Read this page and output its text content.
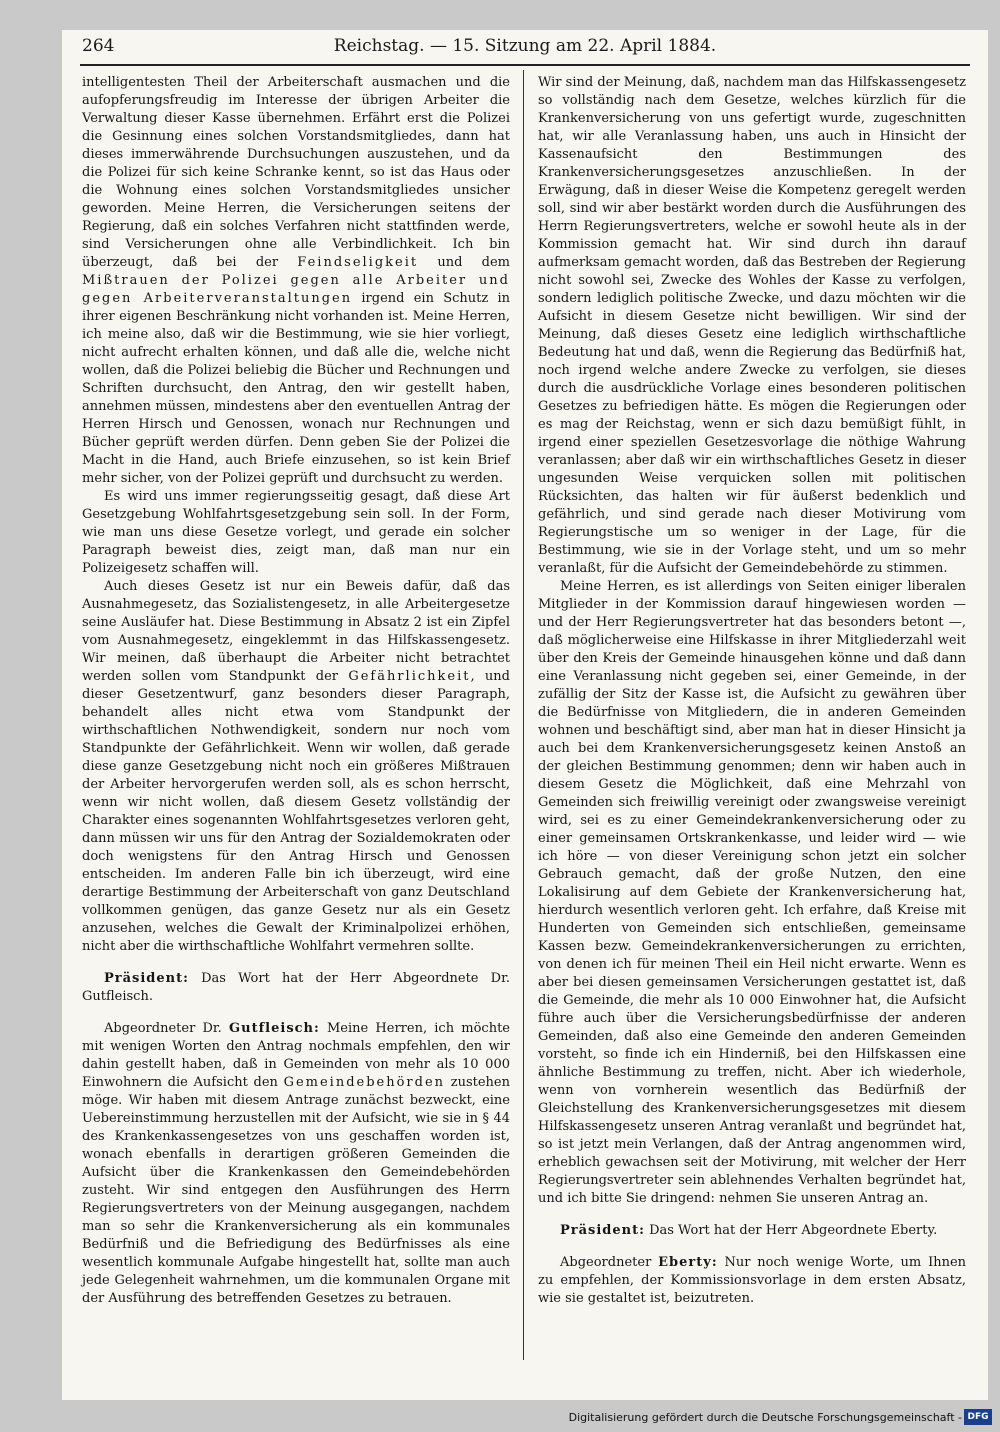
264	Reichstag. — 15. Sitzung am 22. April 1884.

intelligentesten Theil der Arbeiterschaft ausmachen und die aufopferungsfreudig im Interesse der übrigen Arbeiter die Verwaltung dieser Kasse übernehmen. Erfährt erst die Polizei die Gesinnung eines solchen Vorstandsmitgliedes, dann hat dieses immerwährende Durchsuchungen auszustehen, und da die Polizei für sich keine Schranke kennt, so ist das Haus oder die Wohnung eines solchen Vorstandsmitgliedes unsicher geworden. Meine Herren, die Versicherungen seitens der Regierung, daß ein solches Verfahren nicht stattfinden werde, sind Versicherungen ohne alle Verbindlichkeit. Ich bin überzeugt, daß bei der Feindseligkeit und dem Mißtrauen der Polizei gegen alle Arbeiter und gegen Arbeiterveranstaltungen irgend ein Schutz in ihrer eigenen Beschränkung nicht vorhanden ist. Meine Herren, ich meine also, daß wir die Bestimmung, wie sie hier vorliegt, nicht aufrecht erhalten können, und daß alle die, welche nicht wollen, daß die Polizei beliebig die Bücher und Rechnungen und Schriften durchsucht, den Antrag, den wir gestellt haben, annehmen müssen, mindestens aber den eventuellen Antrag der Herren Hirsch und Genossen, wonach nur Rechnungen und Bücher geprüft werden dürfen. Denn geben Sie der Polizei die Macht in die Hand, auch Briefe einzusehen, so ist kein Brief mehr sicher, von der Polizei geprüft und durchsucht zu werden.

Es wird uns immer regierungsseitig gesagt, daß diese Art Gesetzgebung Wohlfahrtsgesetzgebung sein soll. In der Form, wie man uns diese Gesetze vorlegt, und gerade ein solcher Paragraph beweist dies, zeigt man, daß man nur ein Polizeigesetz schaffen will.

Auch dieses Gesetz ist nur ein Beweis dafür, daß das Ausnahmegesetz, das Sozialistengesetz, in alle Arbeitergesetze seine Ausläufer hat. Diese Bestimmung in Absatz 2 ist ein Zipfel vom Ausnahmegesetz, eingeklemmt in das Hilfskassengesetz. Wir meinen, daß überhaupt die Arbeiter nicht betrachtet werden sollen vom Standpunkt der Gefährlichkeit, und dieser Gesetzentwurf, ganz besonders dieser Paragraph, behandelt alles nicht etwa vom Standpunkt der wirthschaftlichen Nothwendigkeit, sondern nur noch vom Standpunkte der Gefährlichkeit. Wenn wir wollen, daß gerade diese ganze Gesetzgebung nicht noch ein größeres Mißtrauen der Arbeiter hervorgerufen werden soll, als es schon herrscht, wenn wir nicht wollen, daß diesem Gesetz vollständig der Charakter eines sogenannten Wohlfahrtsgesetzes verloren geht, dann müssen wir uns für den Antrag der Sozialdemokraten oder doch wenigstens für den Antrag Hirsch und Genossen entscheiden. Im anderen Falle bin ich überzeugt, wird eine derartige Bestimmung der Arbeiterschaft von ganz Deutschland vollkommen genügen, das ganze Gesetz nur als ein Gesetz anzusehen, welches die Gewalt der Kriminalpolizei erhöhen, nicht aber die wirthschaftliche Wohlfahrt vermehren sollte.

Präsident: Das Wort hat der Herr Abgeordnete Dr. Gutfleisch.

Abgeordneter Dr. Gutfleisch: Meine Herren, ich möchte mit wenigen Worten den Antrag nochmals empfehlen, den wir dahin gestellt haben, daß in Gemeinden von mehr als 10 000 Einwohnern die Aufsicht den Gemeindebehörden zustehen möge. Wir haben mit diesem Antrage zunächst bezweckt, eine Uebereinstimmung herzustellen mit der Aufsicht, wie sie in § 44 des Krankenkassengesetzes von uns geschaffen worden ist, wonach ebenfalls in derartigen größeren Gemeinden die Aufsicht über die Krankenkassen den Gemeindebehörden zusteht. Wir sind entgegen den Ausführungen des Herrn Regierungsvertreters von der Meinung ausgegangen, nachdem man so sehr die Krankenversicherung als ein kommunales Bedürfniß und die Befriedigung des Bedürfnisses als eine wesentlich kommunale Aufgabe hingestellt hat, sollte man auch jede Gelegenheit wahrnehmen, um die kommunalen Organe mit der Ausführung des betreffenden Gesetzes zu betrauen.

Wir sind der Meinung, daß, nachdem man das Hilfskassengesetz so vollständig nach dem Gesetze, welches kürzlich für die Krankenversicherung von uns gefertigt wurde, zugeschnitten hat, wir alle Veranlassung haben, uns auch in Hinsicht der Kassenaufsicht den Bestimmungen des Krankenversicherungsgesetzes anzuschließen. In der Erwägung, daß in dieser Weise die Kompetenz geregelt werden soll, sind wir aber bestärkt worden durch die Ausführungen des Herrn Regierungsvertreters, welche er sowohl heute als in der Kommission gemacht hat. Wir sind durch ihn darauf aufmerksam gemacht worden, daß das Bestreben der Regierung nicht sowohl sei, Zwecke des Wohles der Kasse zu verfolgen, sondern lediglich politische Zwecke, und dazu möchten wir die Aufsicht in diesem Gesetze nicht bewilligen. Wir sind der Meinung, daß dieses Gesetz eine lediglich wirthschaftliche Bedeutung hat und daß, wenn die Regierung das Bedürfniß hat, noch irgend welche andere Zwecke zu verfolgen, sie dieses durch die ausdrückliche Vorlage eines besonderen politischen Gesetzes zu befriedigen hätte. Es mögen die Regierungen oder es mag der Reichstag, wenn er sich dazu bemüßigt fühlt, in irgend einer speziellen Gesetzesvorlage die nöthige Wahrung veranlassen; aber daß wir ein wirthschaftliches Gesetz in dieser ungesunden Weise verquicken sollen mit politischen Rücksichten, das halten wir für äußerst bedenklich und gefährlich, und sind gerade nach dieser Motivirung vom Regierungstische um so weniger in der Lage, für die Bestimmung, wie sie in der Vorlage steht, und um so mehr veranlaßt, für die Aufsicht der Gemeindebehörde zu stimmen.

Meine Herren, es ist allerdings von Seiten einiger liberalen Mitglieder in der Kommission darauf hingewiesen worden — und der Herr Regierungsvertreter hat das besonders betont —, daß möglicherweise eine Hilfskasse in ihrer Mitgliederzahl weit über den Kreis der Gemeinde hinausgehen könne und daß dann eine Veranlassung nicht gegeben sei, einer Gemeinde, in der zufällig der Sitz der Kasse ist, die Aufsicht zu gewähren über die Bedürfnisse von Mitgliedern, die in anderen Gemeinden wohnen und beschäftigt sind, aber man hat in dieser Hinsicht ja auch bei dem Krankenversicherungsgesetz keinen Anstoß an der gleichen Bestimmung genommen; denn wir haben auch in diesem Gesetz die Möglichkeit, daß eine Mehrzahl von Gemeinden sich freiwillig vereinigt oder zwangsweise vereinigt wird, sei es zu einer Gemeindekrankenversicherung oder zu einer gemeinsamen Ortskrankenkasse, und leider wird — wie ich höre — von dieser Vereinigung schon jetzt ein solcher Gebrauch gemacht, daß der große Nutzen, den eine Lokalisirung auf dem Gebiete der Krankenversicherung hat, hierdurch wesentlich verloren geht. Ich erfahre, daß Kreise mit Hunderten von Gemeinden sich entschließen, gemeinsame Kassen bezw. Gemeindekrankenversicherungen zu errichten, von denen ich für meinen Theil ein Heil nicht erwarte. Wenn es aber bei diesen gemeinsamen Versicherungen gestattet ist, daß die Gemeinde, die mehr als 10 000 Einwohner hat, die Aufsicht führe auch über die Versicherungsbedürfnisse der anderen Gemeinden, daß also eine Gemeinde den anderen Gemeinden vorsteht, so finde ich ein Hinderniß, bei den Hilfskassen eine ähnliche Bestimmung zu treffen, nicht. Aber ich wiederhole, wenn von vornherein wesentlich das Bedürfniß der Gleichstellung des Krankenversicherungsgesetzes mit diesem Hilfskassengesetz unseren Antrag veranlaßt und begründet hat, so ist jetzt mein Verlangen, daß der Antrag angenommen wird, erheblich gewachsen seit der Motivirung, mit welcher der Herr Regierungsvertreter sein ablehnendes Verhalten begründet hat, und ich bitte Sie dringend: nehmen Sie unseren Antrag an.

Präsident: Das Wort hat der Herr Abgeordnete Eberty.

Abgeordneter Eberty: Nur noch wenige Worte, um Ihnen zu empfehlen, der Kommissionsvorlage in dem ersten Absatz, wie sie gestaltet ist, beizutreten.

Digitalisierung gefördert durch die Deutsche Forschungsgemeinschaft - DFG
